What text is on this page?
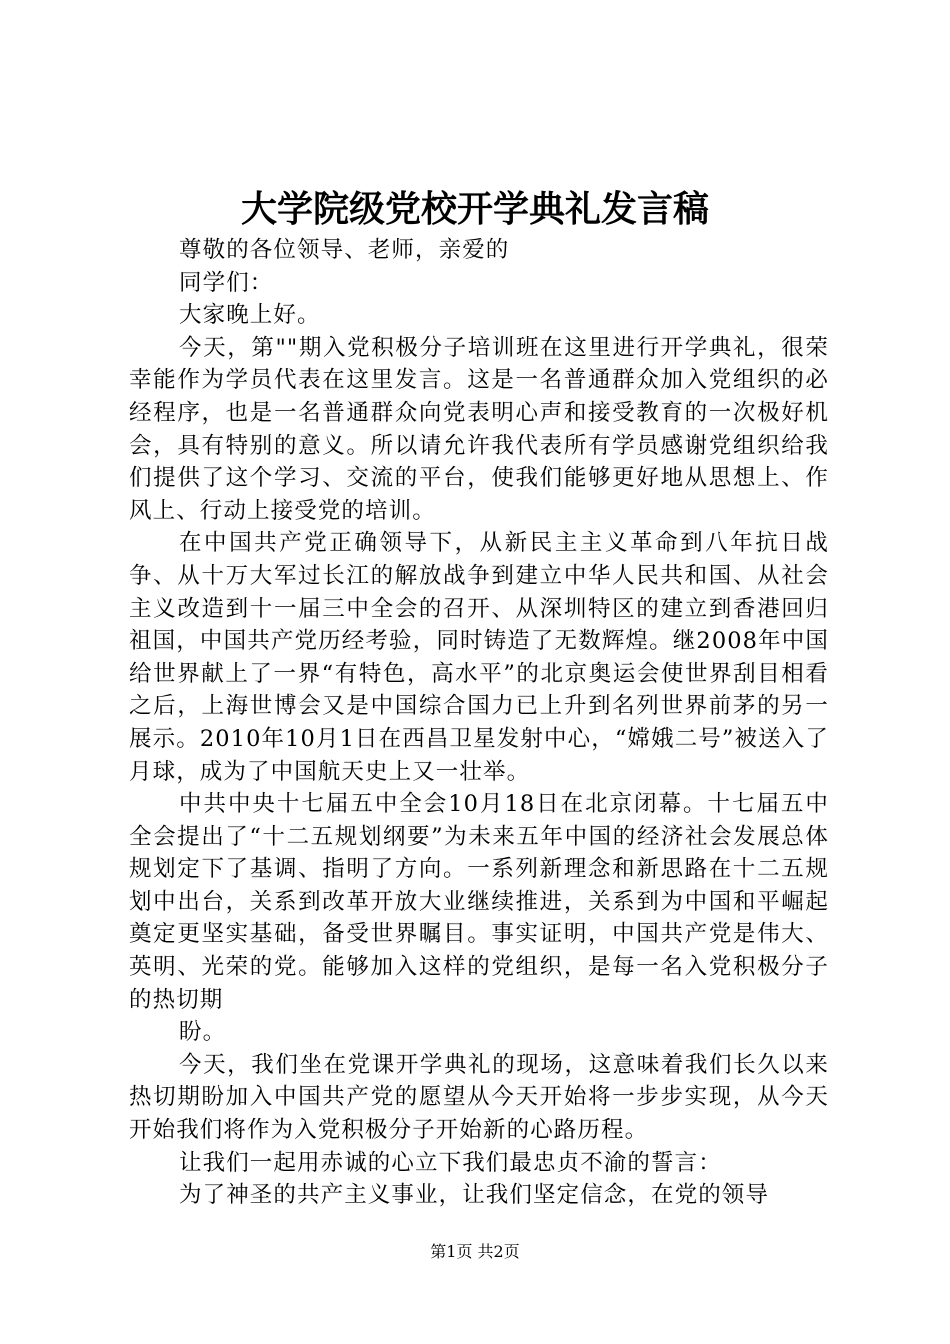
大学院级党校开学典礼发言稿

尊敬的各位领导、老师，亲爱的

同学们：

大家晚上好。

今天，第""期入党积极分子培训班在这里进行开学典礼，很荣幸能作为学员代表在这里发言。这是一名普通群众加入党组织的必经程序，也是一名普通群众向党表明心声和接受教育的一次极好机会，具有特别的意义。所以请允许我代表所有学员感谢党组织给我们提供了这个学习、交流的平台，使我们能够更好地从思想上、作风上、行动上接受党的培训。

在中国共产党正确领导下，从新民主主义革命到八年抗日战争、从十万大军过长江的解放战争到建立中华人民共和国、从社会主义改造到十一届三中全会的召开、从深圳特区的建立到香港回归祖国，中国共产党历经考验，同时铸造了无数辉煌。继2008年中国给世界献上了一界“有特色，高水平”的北京奥运会使世界刮目相看之后，上海世博会又是中国综合国力已上升到名列世界前茅的另一展示。2010年10月1日在西昌卫星发射中心，“嫦娥二号”被送入了月球，成为了中国航天史上又一壮举。

中共中央十七届五中全会10月18日在北京闭幕。十七届五中全会提出了“十二五规划纲要”为未来五年中国的经济社会发展总体规划定下了基调、指明了方向。一系列新理念和新思路在十二五规划中出台，关系到改革开放大业继续推进，关系到为中国和平崛起奠定更坚实基础，备受世界瞩目。事实证明，中国共产党是伟大、英明、光荣的党。能够加入这样的党组织，是每一名入党积极分子的热切期

盼。

今天，我们坐在党课开学典礼的现场，这意味着我们长久以来热切期盼加入中国共产党的愿望从今天开始将一步步实现，从今天开始我们将作为入党积极分子开始新的心路历程。

让我们一起用赤诚的心立下我们最忠贞不渝的誓言：

为了神圣的共产主义事业，让我们坚定信念，在党的领导

第1页 共2页
